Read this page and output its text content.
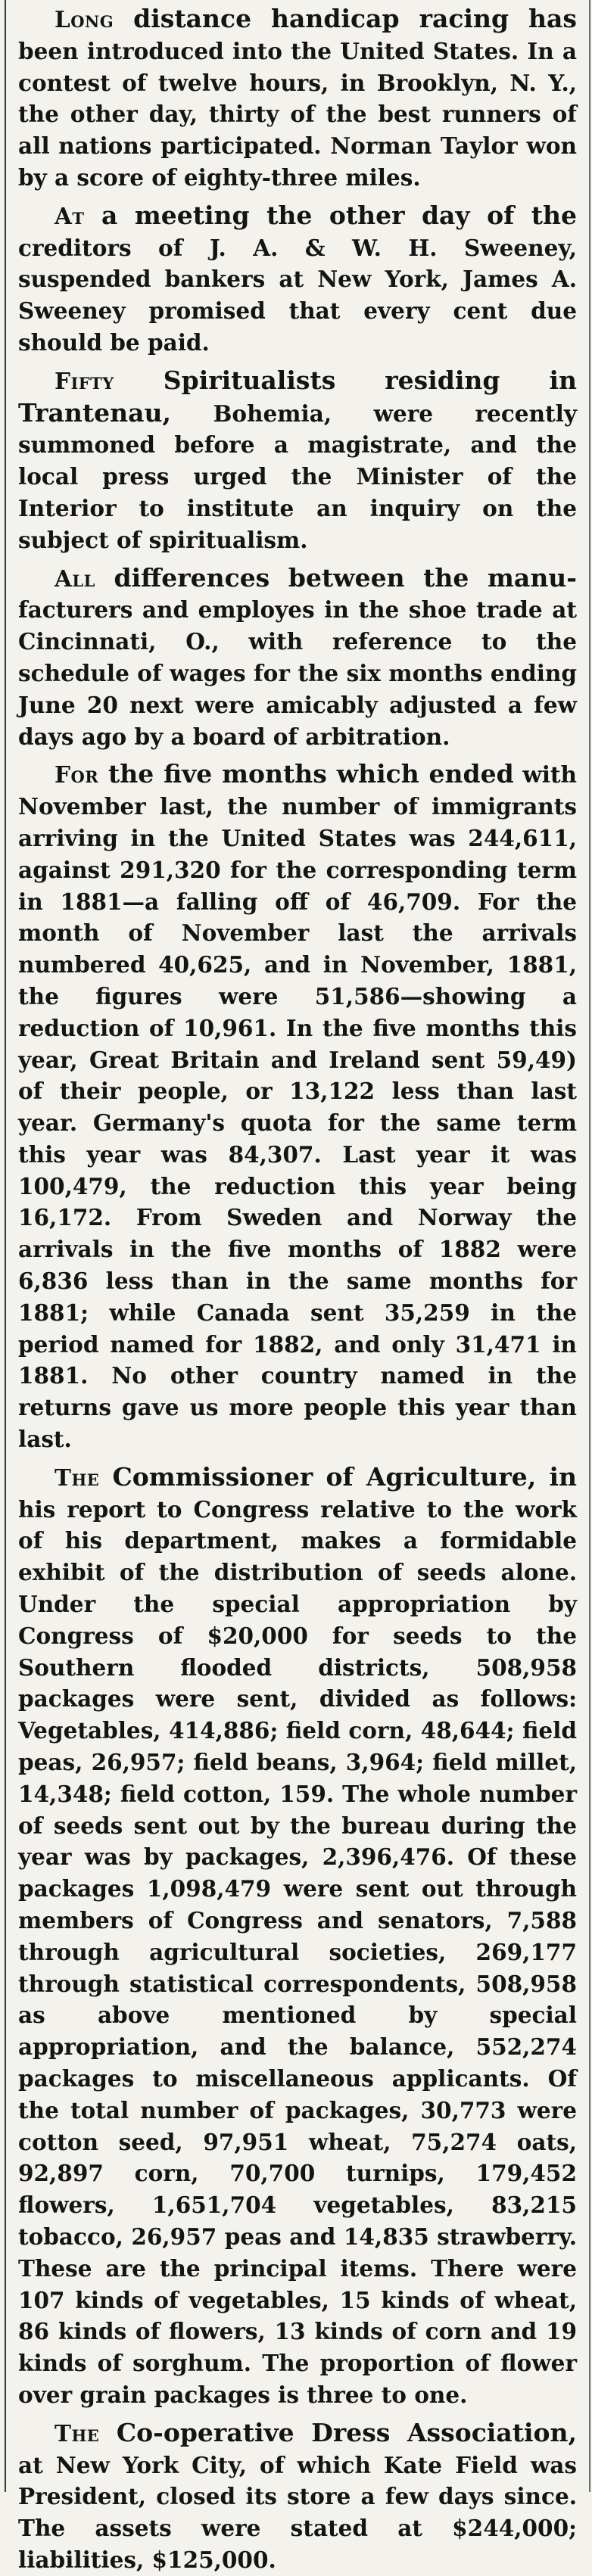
Long distance handicap racing has been introduced into the United States. In a contest of twelve hours, in Brooklyn, N. Y., the other day, thirty of the best runners of all nations participated. Norman Taylor won by a score of eighty-three miles.

At a meeting the other day of the creditors of J. A. & W. H. Sweeney, suspended bankers at New York, James A. Sweeney promised that every cent due should be paid.

Fifty Spiritualists residing in Trantenau, Bohemia, were recently summoned before a magistrate, and the local press urged the Minister of the Interior to institute an inquiry on the subject of spiritualism.

All differences between the manu-facturers and employes in the shoe trade at Cincinnati, O., with reference to the schedule of wages for the six months ending June 20 next were amicably adjusted a few days ago by a board of arbitration.

For the five months which ended with November last, the number of immigrants arriving in the United States was 244,611, against 291,320 for the corresponding term in 1881—a falling off of 46,709. For the month of November last the arrivals numbered 40,625, and in November, 1881, the figures were 51,586—showing a reduction of 10,961. In the five months this year, Great Britain and Ireland sent 59,49) of their people, or 13,122 less than last year. Germany's quota for the same term this year was 84,307. Last year it was 100,479, the reduction this year being 16,172. From Sweden and Norway the arrivals in the five months of 1882 were 6,836 less than in the same months for 1881; while Canada sent 35,259 in the period named for 1882, and only 31,471 in 1881. No other country named in the returns gave us more people this year than last.

The Commissioner of Agriculture, in his report to Congress relative to the work of his department, makes a formidable exhibit of the distribution of seeds alone. Under the special appropriation by Congress of $20,000 for seeds to the Southern flooded districts, 508,958 packages were sent, divided as follows: Vegetables, 414,886; field corn, 48,644; field peas, 26,957; field beans, 3,964; field millet, 14,348; field cotton, 159. The whole number of seeds sent out by the bureau during the year was by packages, 2,396,476. Of these packages 1,098,479 were sent out through members of Congress and senators, 7,588 through agricultural societies, 269,177 through statistical correspondents, 508,958 as above mentioned by special appropriation, and the balance, 552,274 packages to miscellaneous applicants. Of the total number of packages, 30,773 were cotton seed, 97,951 wheat, 75,274 oats, 92,897 corn, 70,700 turnips, 179,452 flowers, 1,651,704 vegetables, 83,215 tobacco, 26,957 peas and 14,835 strawberry. These are the principal items. There were 107 kinds of vegetables, 15 kinds of wheat, 86 kinds of flowers, 13 kinds of corn and 19 kinds of sorghum. The proportion of flower over grain packages is three to one.

The Co-operative Dress Association, at New York City, of which Kate Field was President, closed its store a few days since. The assets were stated at $244,000; liabilities, $125,000.
